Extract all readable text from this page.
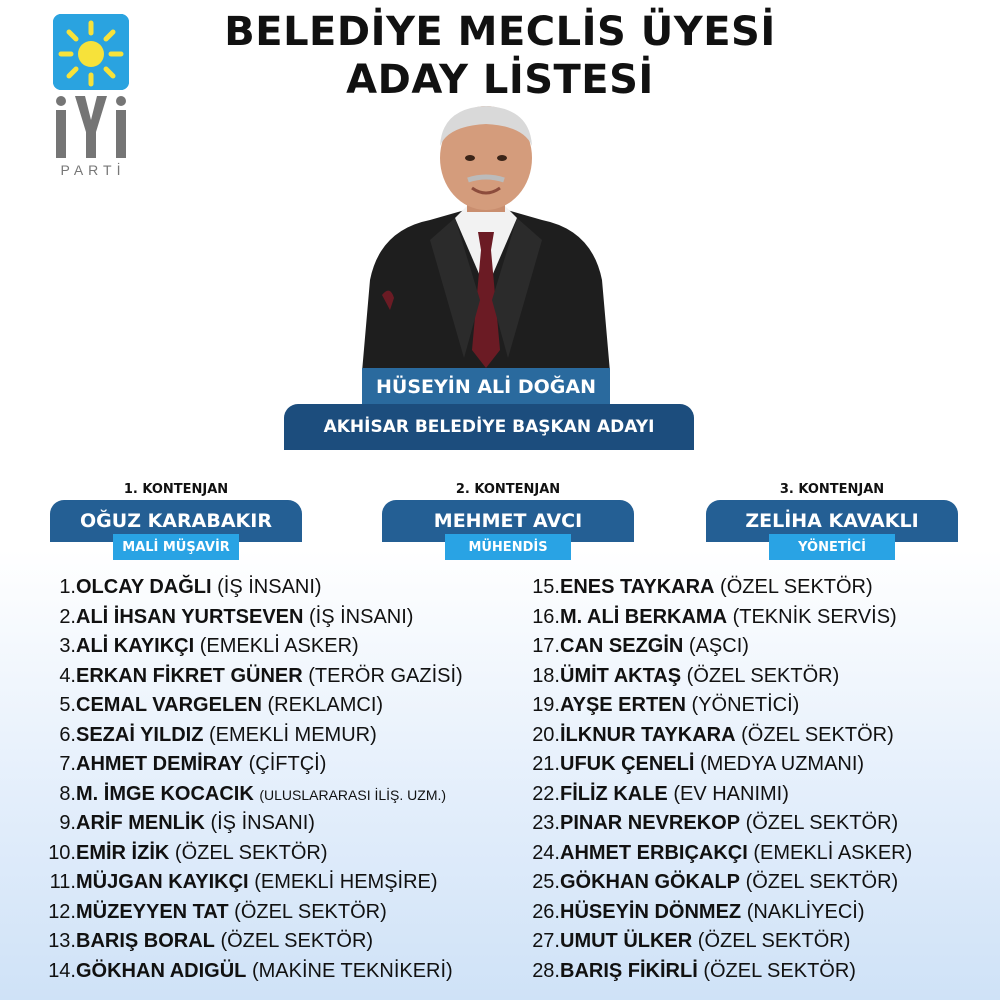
PARTİ
BELEDİYE MECLİS ÜYESİ
ADAY LİSTESİ
HÜSEYİN ALİ DOĞAN
AKHİSAR BELEDİYE BAŞKAN ADAYI
1. KONTENJAN
OĞUZ KARABAKIR
MALİ MÜŞAVİR
2. KONTENJAN
MEHMET AVCI
MÜHENDİS
3. KONTENJAN
ZELİHA KAVAKLI
YÖNETİCİ
1.OLCAY DAĞLI (İŞ İNSANI)
2.ALİ İHSAN YURTSEVEN (İŞ İNSANI)
3.ALİ KAYIKÇI (EMEKLİ ASKER)
4.ERKAN FİKRET GÜNER (TERÖR GAZİSİ)
5.CEMAL VARGELEN (REKLAMCI)
6.SEZAİ YILDIZ (EMEKLİ MEMUR)
7.AHMET DEMİRAY (ÇİFTÇİ)
8.M. İMGE KOCACIK (ULUSLARARASI İLİŞ. UZM.)
9.ARİF MENLİK (İŞ İNSANI)
10.EMİR İZİK (ÖZEL SEKTÖR)
11.MÜJGAN KAYIKÇI (EMEKLİ HEMŞİRE)
12.MÜZEYYEN TAT (ÖZEL SEKTÖR)
13.BARIŞ BORAL (ÖZEL SEKTÖR)
14.GÖKHAN ADIGÜL (MAKİNE TEKNİKERİ)
15.ENES TAYKARA (ÖZEL SEKTÖR)
16.M. ALİ BERKAMA (TEKNİK SERVİS)
17.CAN SEZGİN (AŞCI)
18.ÜMİT AKTAŞ (ÖZEL SEKTÖR)
19.AYŞE ERTEN (YÖNETİCİ)
20.İLKNUR TAYKARA (ÖZEL SEKTÖR)
21.UFUK ÇENELİ (MEDYA UZMANI)
22.FİLİZ KALE (EV HANIMI)
23.PINAR NEVREKOP (ÖZEL SEKTÖR)
24.AHMET ERBIÇAKÇI (EMEKLİ ASKER)
25.GÖKHAN GÖKALP (ÖZEL SEKTÖR)
26.HÜSEYİN DÖNMEZ (NAKLİYECİ)
27.UMUT ÜLKER (ÖZEL SEKTÖR)
28.BARIŞ FİKİRLİ (ÖZEL SEKTÖR)
